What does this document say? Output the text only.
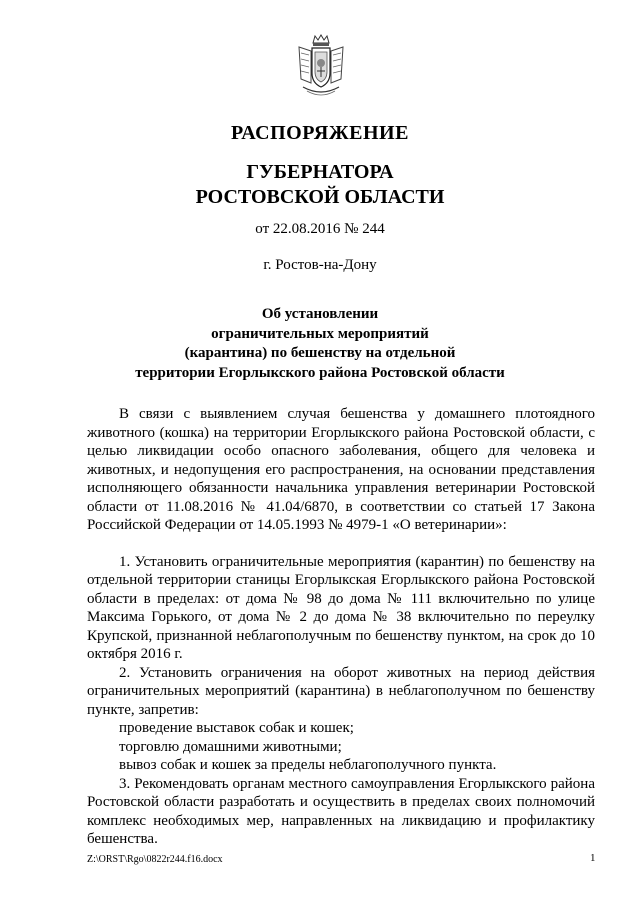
РАСПОРЯЖЕНИЕ
ГУБЕРНАТОРА
РОСТОВСКОЙ ОБЛАСТИ
от 22.08.2016 № 244
г. Ростов-на-Дону
Об установлении
ограничительных мероприятий
(карантина) по бешенству на отдельной
территории Егорлыкского района Ростовской области

В связи с выявлением случая бешенства у домашнего плотоядного животного (кошка) на территории Егорлыкского района Ростовской области, с целью ликвидации особо опасного заболевания, общего для человека и животных, и недопущения его распространения, на основании представления исполняющего обязанности начальника управления ветеринарии Ростовской области от 11.08.2016 № 41.04/6870, в соответствии со статьей 17 Закона Российской Федерации от 14.05.1993 № 4979-1 «О ветеринарии»:

1. Установить ограничительные мероприятия (карантин) по бешенству на отдельной территории станицы Егорлыкская Егорлыкского района Ростовской области в пределах: от дома № 98 до дома № 111 включительно по улице Максима Горького, от дома № 2 до дома № 38 включительно по переулку Крупской, признанной неблагополучным по бешенству пунктом, на срок до 10 октября 2016 г.

2. Установить ограничения на оборот животных на период действия ограничительных мероприятий (карантина) в неблагополучном по бешенству пункте, запретив:

проведение выставок собак и кошек;

торговлю домашними животными;

вывоз собак и кошек за пределы неблагополучного пункта.

3. Рекомендовать органам местного самоуправления Егорлыкского района Ростовской области разработать и осуществить в пределах своих полномочий комплекс необходимых мер, направленных на ликвидацию и профилактику бешенства.

Z:\ORST\Rgo\0822r244.f16.docx	1
